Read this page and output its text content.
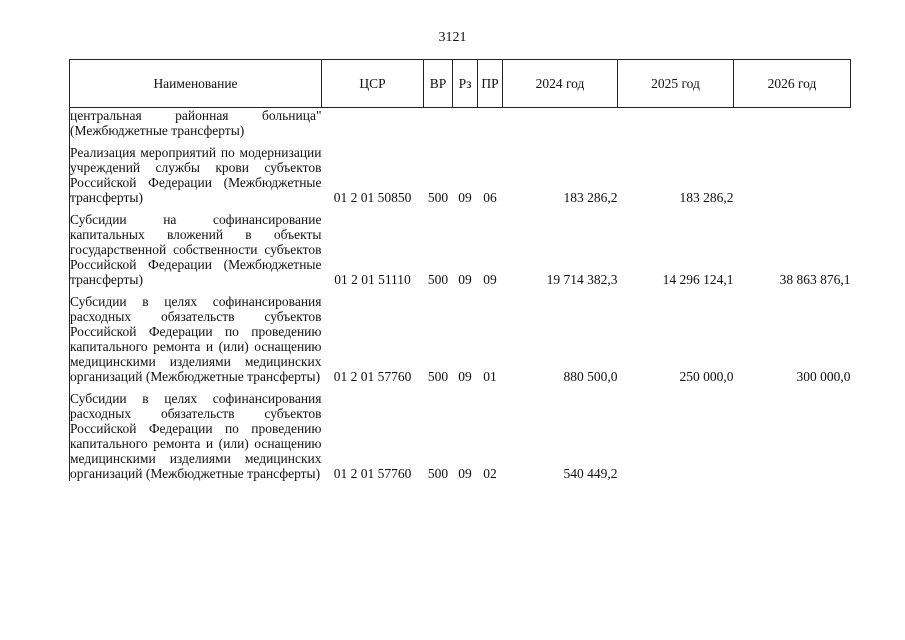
3121
Наименование	ЦСР	ВР	Рз	ПР	2024 год	2025 год	2026 год
центральная районная больница" (Межбюджетные трансферты)							
Реализация мероприятий по модернизации учреждений службы крови субъектов Российской Федерации (Межбюджетные трансферты)	01 2 01 50850	500	09	06	183 286,2	183 286,2	
Субсидии на софинансирование капитальных вложений в объекты государственной собственности субъектов Российской Федерации (Межбюджетные трансферты)	01 2 01 51110	500	09	09	19 714 382,3	14 296 124,1	38 863 876,1
Субсидии в целях софинансирования расходных обязательств субъектов Российской Федерации по проведению капитального ремонта и (или) оснащению медицинскими изделиями медицинских организаций (Межбюджетные трансферты)	01 2 01 57760	500	09	01	880 500,0	250 000,0	300 000,0
Субсидии в целях софинансирования расходных обязательств субъектов Российской Федерации по проведению капитального ремонта и (или) оснащению медицинскими изделиями медицинских организаций (Межбюджетные трансферты)	01 2 01 57760	500	09	02	540 449,2		
